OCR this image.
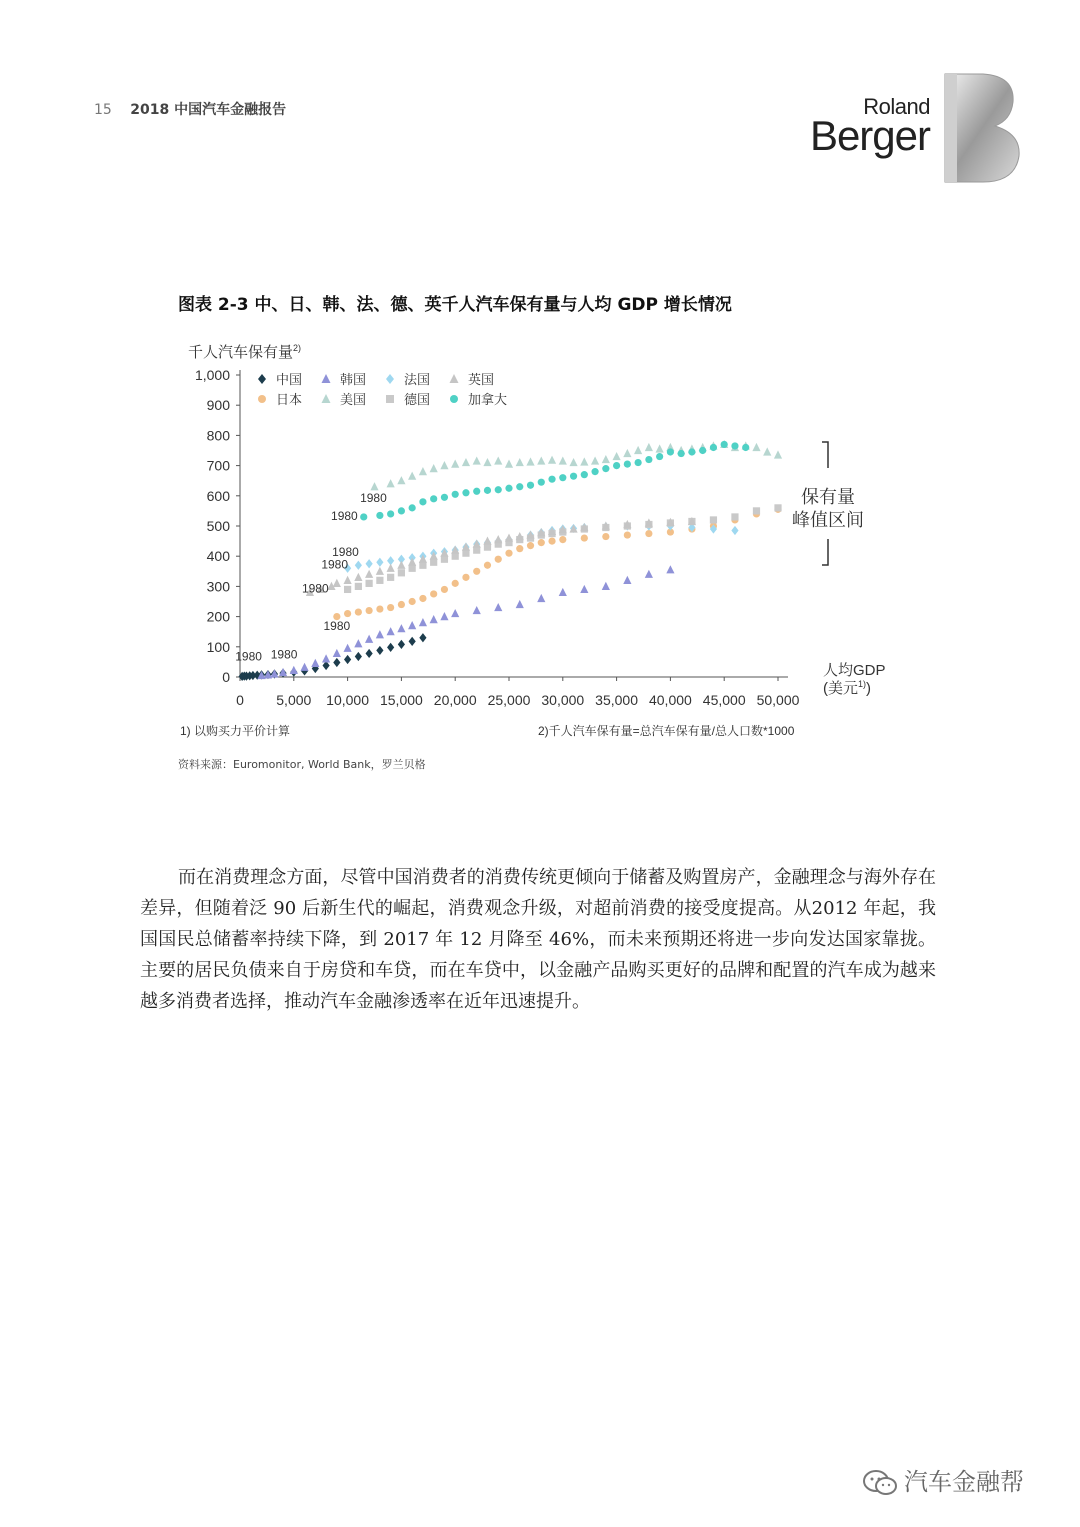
15 2018 中国汽车金融报告	Roland
Berger
图表 2-3 中、日、韩、法、德、英千人汽车保有量与人均 GDP 增长情况
千人汽车保有量$^{2)}$
中国	韩国
日本	美国
法国
德国
英国
加拿大
0
100
200
300
400
500
600
700
800
900
1,000
0 5,000 10,000 15,000 20,000 25,000 30,000 35,000 40,000 45,000 50,000
1980 1980
1980
1980
1980
1980
1980
1980	保有量
峰值区间
人均GDP
(美元$^{1)}$)
1) 以购买力平价计算	2)千人汽车保有量=总汽车保有量/总人口数*1000
资料来源：Euromonitor, World Bank，罗兰贝格

而在消费理念方面，尽管中国消费者的消费传统更倾向于储蓄及购置房产，金融理念与海外存在差异，但随着泛 90 后新生代的崛起，消费观念升级，对超前消费的接受度提高。从2012 年起，我国国民总储蓄率持续下降，到 2017 年 12 月降至 46%，而未来预期还将进一步向发达国家靠拢。主要的居民负债来自于房贷和车贷，而在车贷中，以金融产品购买更好的品牌和配置的汽车成为越来越多消费者选择，推动汽车金融渗透率在近年迅速提升。

汽车金融帮
